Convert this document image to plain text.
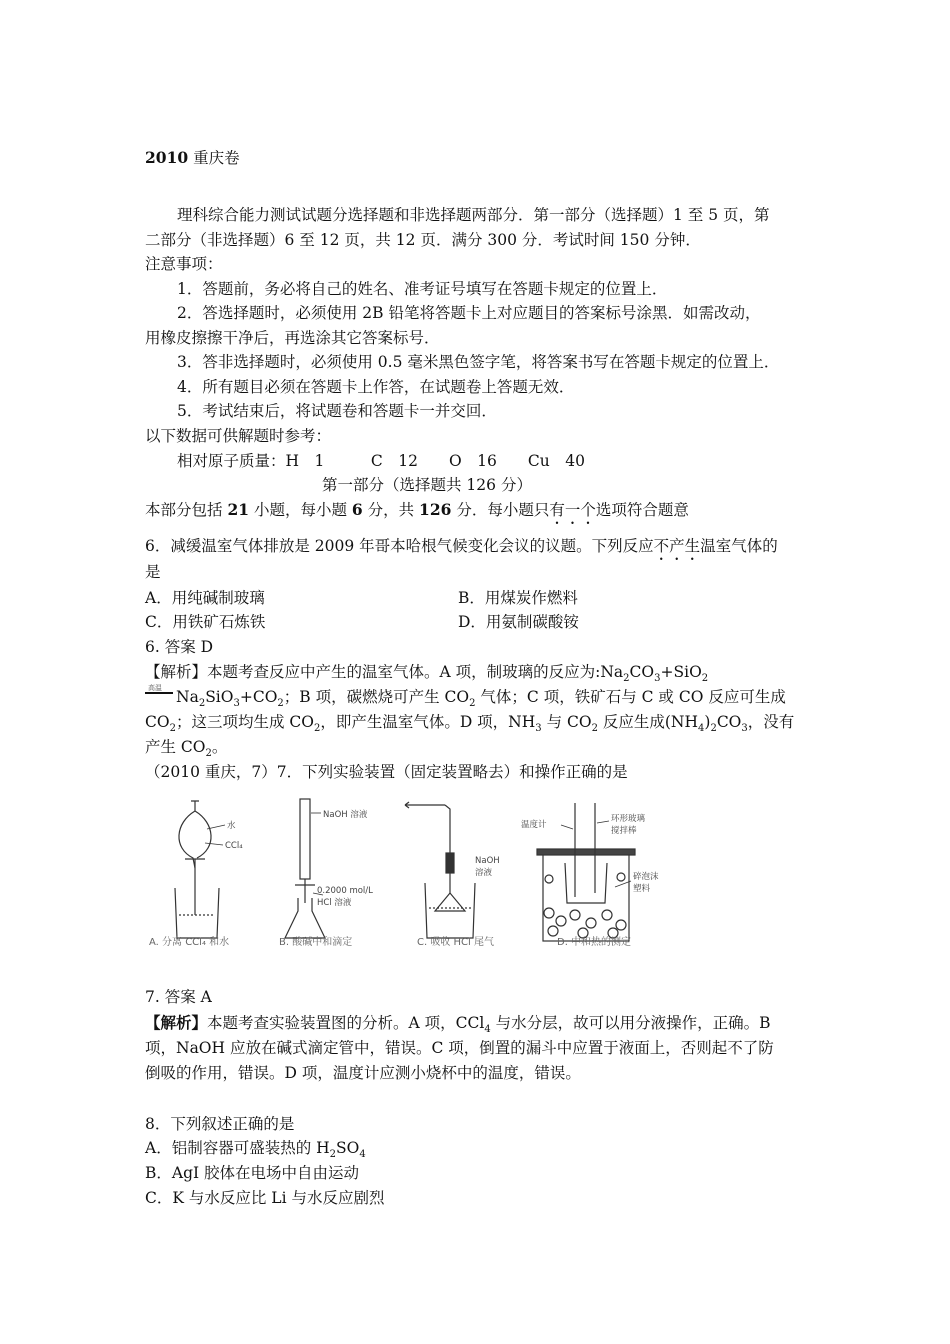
2010 重庆卷
理科综合能力测试试题分选择题和非选择题两部分．第一部分（选择题）1 至 5 页，第
二部分（非选择题）6 至 12 页，共 12 页．满分 300 分．考试时间 150 分钟．
注意事项：
1．答题前，务必将自己的姓名、准考证号填写在答题卡规定的位置上．
2．答选择题时，必须使用 2B 铅笔将答题卡上对应题目的答案标号涂黑．如需改动，
用橡皮擦擦干净后，再选涂其它答案标号．
3．答非选择题时，必须使用 0.5 毫米黑色签字笔，将答案书写在答题卡规定的位置上．
4．所有题目必须在答题卡上作答，在试题卷上答题无效．
5．考试结束后，将试题卷和答题卡一并交回．
以下数据可供解题时参考：
相对原子质量：H　1　　　C　12　　O　16　　Cu　40
第一部分（选择题共 126 分）
本部分包括 21 小题，每小题 6 分，共 126 分．每小题只有一个选项符合题意
6．减缓温室气体排放是 2009 年哥本哈根气候变化会议的议题。下列反应不产生温室气体的
是
A．用纯碱制玻璃	B．用煤炭作燃料
C．用铁矿石炼铁	D．用氨制碳酸铵
6. 答案 D
【解析】本题考查反应中产生的温室气体。A 项，制玻璃的反应为$:Na_2CO_3+SiO_2$
高温 $Na_2SiO_3+CO_2$；B 项，碳燃烧可产生 $CO_2$ 气体；C 项，铁矿石与 C 或 CO 反应可生成
$CO_2$；这三项均生成 $CO_2$，即产生温室气体。D 项，$NH_3$ 与 $CO_2$ 反应生成$(NH_4)_2CO_3$，没有
产生 $CO_2$。
（2010 重庆，7）7．下列实验装置（固定装置略去）和操作正确的是
水
CCl₄
NaOH 溶液
0.2000 mol/L
HCl 溶液
NaOH
溶液
温度计
环形玻璃
搅拌棒
碎泡沫
塑料
A. 分离 CCl₄ 和水	B. 酸碱中和滴定	C. 吸收 HCl 尾气	D. 中和热的测定
7. 答案 A
【解析】本题考查实验装置图的分析。A 项，CCl$_4$ 与水分层，故可以用分液操作，正确。B
项，NaOH 应放在碱式滴定管中，错误。C 项，倒置的漏斗中应置于液面上，否则起不了防
倒吸的作用，错误。D 项，温度计应测小烧杯中的温度，错误。
8．下列叙述正确的是
A．铝制容器可盛装热的 $H_2SO_4$
B．AgI 胶体在电场中自由运动
C．K 与水反应比 Li 与水反应剧烈
